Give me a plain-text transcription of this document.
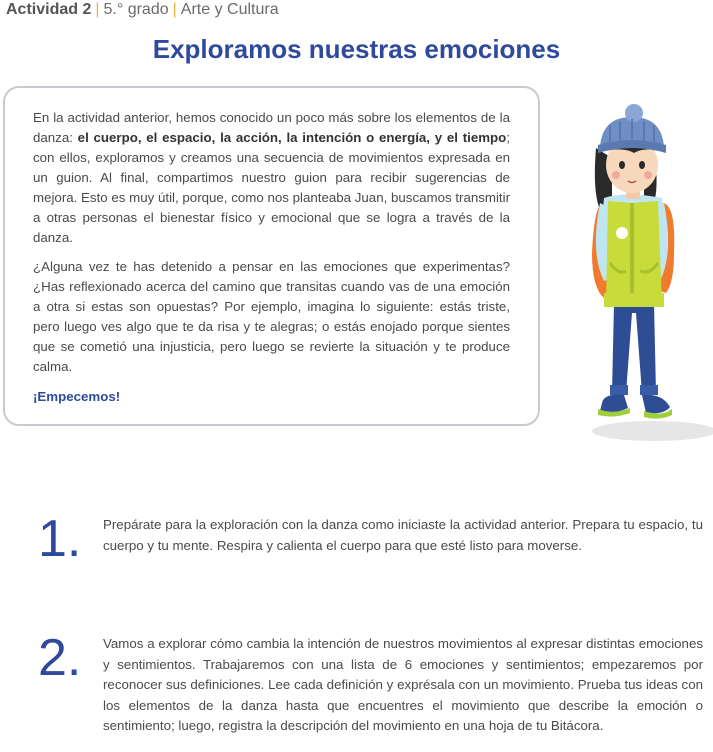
Actividad 2 | 5.° grado | Arte y Cultura
Exploramos nuestras emociones

En la actividad anterior, hemos conocido un poco más sobre los elementos de la danza: el cuerpo, el espacio, la acción, la intención o energía, y el tiempo; con ellos, exploramos y creamos una secuencia de movimientos expresada en un guion. Al final, compartimos nuestro guion para recibir sugerencias de mejora. Esto es muy útil, porque, como nos planteaba Juan, buscamos transmitir a otras personas el bienestar físico y emocional que se logra a través de la danza.

¿Alguna vez te has detenido a pensar en las emociones que experimentas? ¿Has reflexionado acerca del camino que transitas cuando vas de una emoción a otra si estas son opuestas? Por ejemplo, imagina lo siguiente: estás triste, pero luego ves algo que te da risa y te alegras; o estás enojado porque sientes que se cometió una injusticia, pero luego se revierte la situación y te produce calma.

¡Empecemos!

1. Prepárate para la exploración con la danza como iniciaste la actividad anterior. Prepara tu espacio, tu cuerpo y tu mente. Respira y calienta el cuerpo para que esté listo para moverse.
2. Vamos a explorar cómo cambia la intención de nuestros movimientos al expresar distintas emociones y sentimientos. Trabajaremos con una lista de 6 emociones y sentimientos; empezaremos por reconocer sus definiciones. Lee cada definición y exprésala con un movimiento. Prueba tus ideas con los elementos de la danza hasta que encuentres el movimiento que describe la emoción o sentimiento; luego, registra la descripción del movimiento en una hoja de tu Bitácora.
